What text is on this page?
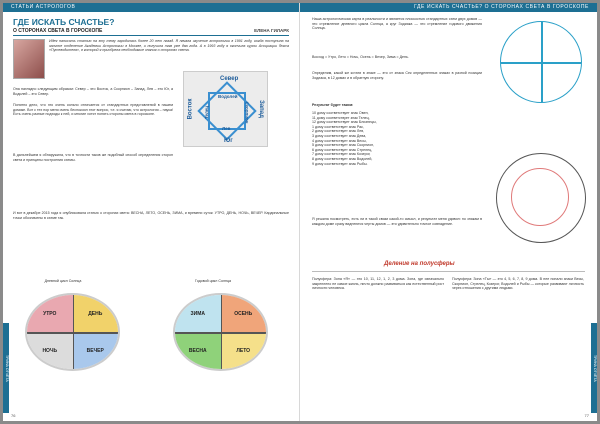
СТАТЬИ АСТРОЛОГОВ
ГДЕ ИСКАТЬ СЧАСТЬЕ?
О СТОРОНАХ СВЕТА В ГОРОСКОПЕ	ЕЛЕНА ГИЛАРК
Идея написать статью на эту тему зародилась более 20 лет назад. Я начала изучение астрологии в 1991 году, когда поступила на заочное отделение Академии Астрологии в Москве, и получила там уже два года. А в 1993 году я окончила курсы Асоциации Фокса «Путеводителя», в которой я приобрела необходимые знания о сторонах света.
Она наглядно следующим образом: Север – это Восток, а Скорпион – Запад, Лев – это Юг, а Водолей – это Север.
Понятно дело, что это очень сильно отличается от стандартных представлений в нашем домике. Вот с тех пор меня очень беспокоил этот вопрос, т.е. я считаю, что астрология – наука! Есть очень разные подходы к ней, и многие хотят понять стороны света в гороскопе.
В дальнейшем я обнаружила, что в точности таков же подобный способ определения сторон света и принципы построения схемы.
Север
Юг
Восток	Запад
Водолей
Телец	Скорпион
Лев
И вот в декабре 2015 года я опубликовала статью о сторонах света: ВЕСНА, ЛЕТО, ОСЕНЬ, ЗИМА, и времени суток: УТРО, ДЕНЬ, НОЧЬ, ВЕЧЕР. Кардинальные точки обозначены в схеме так.
Дневной цикл Солнца
УТРО	ДЕНЬ
НОЧЬ	ВЕЧЕР
Годовой цикл Солнца
ЗИМА	ОСЕНЬ
ВЕСНА	ЛЕТО
ТРИНА ОТЧЁТА
76
ГДЕ ИСКАТЬ СЧАСТЬЕ? О СТОРОНАХ СВЕТА В ГОРОСКОПЕ
Наша астрологическая карта в реальности и является плоскостью стандартных схем двух домов — это стремление дневного цикла Солнца, а круг Зодиака — это стремление годового движения Солнца.
Восход = Утро, Лето = Ночь, Осень = Вечер, Зима = День.
Определим, какой же кстати в знаке — это от знака Сек определенных знаках в разной позиции Зодиака, в 12 домах и в обратную сторону.
Результат будет таким:
10 дому соответствует знак Овен,
11 дому соответствует знак Телец,
12 дому соответствует знак Близнецы,
1 дому соответствует знак Рак,
2 дому соответствует знак Лев,
3 дому соответствует знак Дева,
4 дому соответствует знак Весы,
5 дому соответствует знак Скорпион,
6 дому соответствует знак Стрелец,
7 дому соответствует знак Козерог,
8 дому соответствует знак Водолей,
9 дому соответствует знак Рыбы.
Я решила посмотреть, есть ли в такой связи какой-то смысл, и результат меня удивил: по знакам в каждом доме сразу виднеются черты домов — это удивительно точное совпадение.
Деление на полусферы
Полусфера: Зона «Я» — это 10, 11, 12, 1, 2, 3 дома. Зона, где изначально закреплено не самое жизнь, ничто должно развиваться как естественный рост личности человека.
Полусфера: Зона «Ты» — это 4, 5, 6, 7, 8, 9 дома. В нее попали знаки Весы, Скорпион, Стрелец, Козерог, Водолей и Рыбы — которые развивают личность через отношения с другими людьми.
ТРИНА ОТЧЁТА
77
